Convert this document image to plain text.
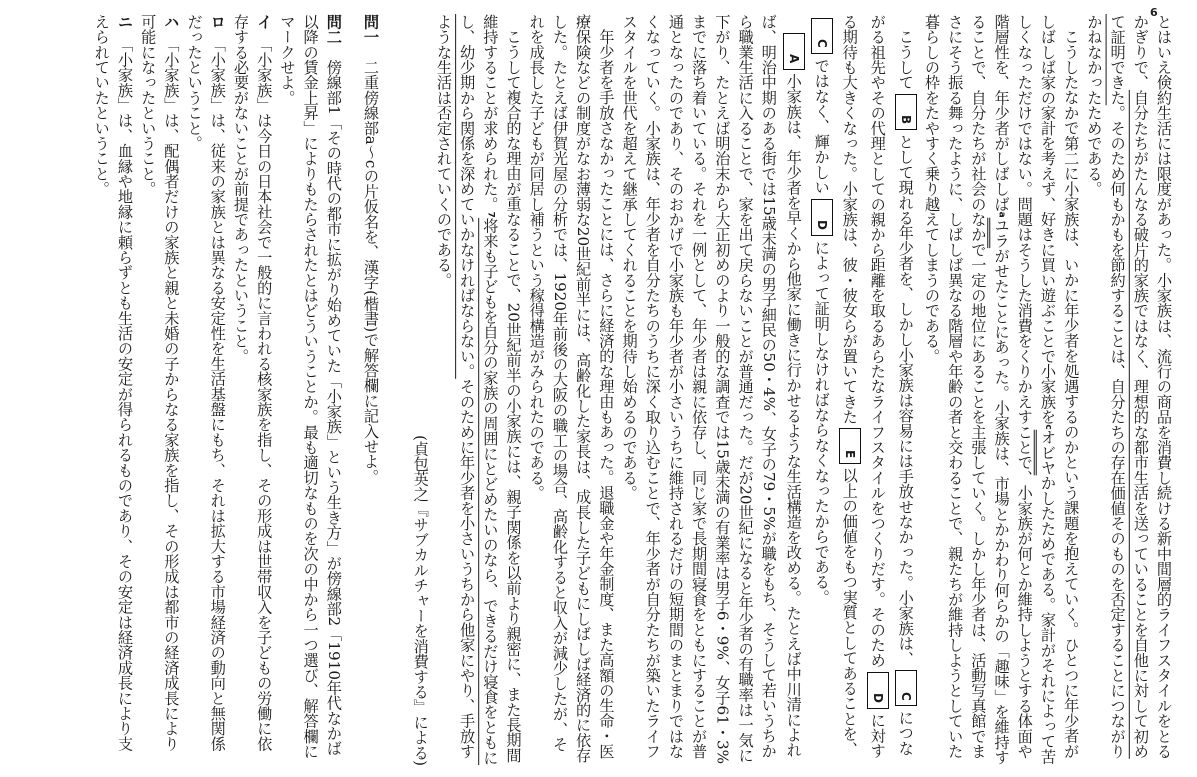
6
とはいえ倹約生活には限度があった。小家族は、流行の商品を消費し続ける新中間層的ライフスタイルをとるかぎりで、自分たちがたんなる破片的家族ではなく、理想的な都市生活を送っていることを自他に対して初めて証明できた。そのため何もかもを節約することは、自分たちの存在価値そのものを否定することにつながりかねなかったためである。
こうしたなかで第二に小家族は、いかに年少者を処遇するのかという課題を抱えていく。ひとつに年少者がしばしば家の家計を考えず、好きに買い遊ぶことで小家族をcオビヤかしたためである。家計がそれによって苦しくなっただけではない。問題はそうした消費をくりかえすことで、小家族が何とか維持しようとする体面や階層性を、年少者がしばしばaユラがせたことにあった。小家族は、市場とかかわり何らかの「趣味」を維持することで、自分たちが社会のなかで一定の地位にあることを主張していく。しかし年少者は、活動写真館でまさにそう振る舞ったように、しばしば異なる階層や年齢の者と交わることで、親たちが維持しようとしていた暮らしの枠をたやすく乗り越えてしまうのである。
こうしてBとして現れる年少者を、しかし小家族は容易には手放せなかった。小家族は、Cにつながる祖先やその代理としての親から距離を取るあらたなライフスタイルをつくりだす。そのためDに対する期待も大きくなった。小家族は、彼・彼女らが置いてきたE以上の価値をもつ実質としてあることを、Cではなく、輝かしいDによって証明しなければならなくなったからである。
A小家族は、年少者を早くから他家に働きに行かせるような生活構造を改める。たとえば中川清によれば、明治中期のある街では15歳未満の男子細民の50・4%、女子の79・5%が職をもち、そうして若いうちから職業生活に入ることで、家を出て戻らないことが普通だった。だが20世紀になると年少者の有職率は一気に下がり、たとえば明治末から大正初めのより一般的な調査では15歳未満の有業率は男子6・9%、女子61・3%までに落ち着いている。それを一例として、年少者は親に依存し、同じ家で長期間寝食をともにすることが普通となったのであり、そのおかげで小家族も年少者が小さいうちに維持されるだけの短期間のまとまりではなくなっていく。小家族は、年少者を自分たちのうちに深く取り込むことで、年少者が自分たちが築いたライフスタイルを世代を超えて継承してくれることを期待し始めるのである。
年少者を手放さなかったことには、さらに経済的な理由もあった。退職金や年金制度、また高額の生命・医療保険などの制度がなお薄弱な20世紀前半には、高齢化した家長は、成長した子どもにしばしば経済的に依存した。たとえば伊賀光屋の分析では、1920年前後の大阪の職工の場合、高齢化すると収入が減少したが、それを成長した子どもが同居し補うという稼得構造がみられたのである。
こうして複合的な理由が重なることで、20世紀前半の小家族には、親子関係を以前より親密に、また長期間維持することが求められた。7将来も子どもを自分の家族の周囲にとどめたいのなら、できるだけ寝食をともにし、幼少期から関係を深めていかなければならない。そのために年少者を小さいうちから他家にやり、手放すような生活は否定されていくのである。
(貞包英之『サブカルチャーを消費する』による)
問一　二重傍線部a〜cの片仮名を、漢字(楷書)で解答欄に記入せよ。
問二　傍線部1「その時代の都市に拡がり始めていた「小家族」という生き方」が傍線部2「1910年代なかば以降の賃金上昇」によりもたらされたとはどういうことか。最も適切なものを次の中から一つ選び、解答欄にマークせよ。
イ　「小家族」は今日の日本社会で一般的に言われる核家族を指し、その形成は世帯収入を子どもの労働に依存する必要がないことが前提であったということ。
ロ　「小家族」は、従来の家族とは異なる安定性を生活基盤にもち、それは拡大する市場経済の動向と無関係だったということ。
ハ　「小家族」は、配偶者だけの家族と親と未婚の子からなる家族を指し、その形成は都市の経済成長により可能になったということ。
ニ　「小家族」は、血縁や地縁に頼らずとも生活の安定が得られるものであり、その安定は経済成長により支えられていたということ。
